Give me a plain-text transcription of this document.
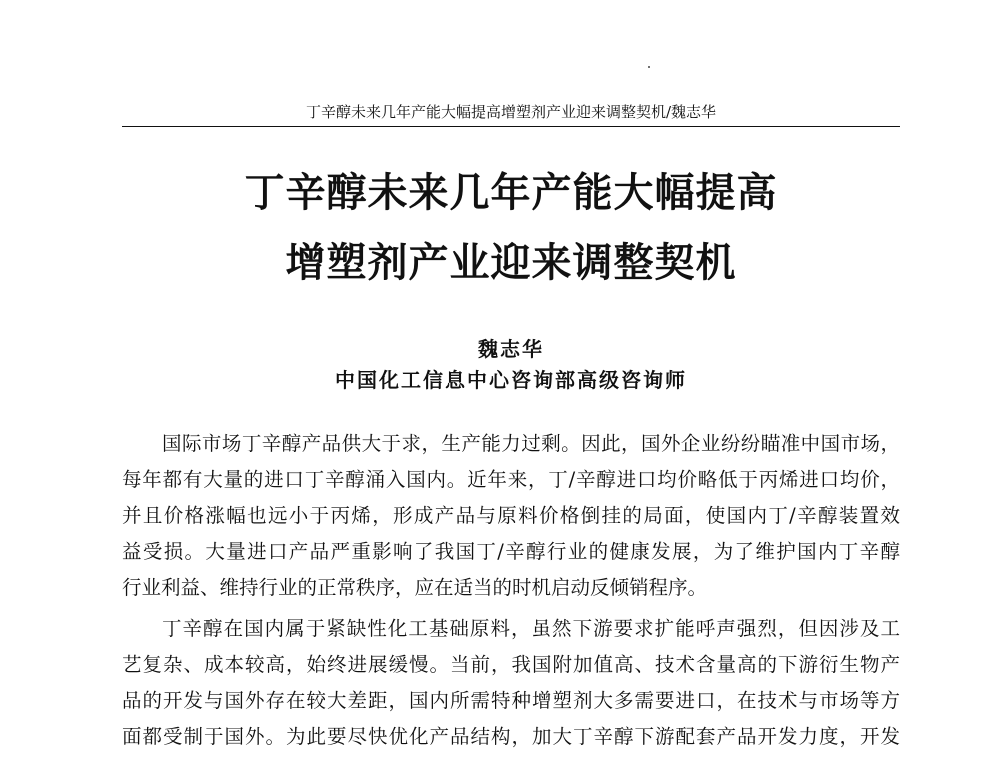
丁辛醇未来几年产能大幅提高增塑剂产业迎来调整契机/魏志华
丁辛醇未来几年产能大幅提高
增塑剂产业迎来调整契机
魏志华
中国化工信息中心咨询部高级咨询师
国际市场丁辛醇产品供大于求，生产能力过剩。因此，国外企业纷纷瞄准中国市场，
每年都有大量的进口丁辛醇涌入国内。近年来，丁/辛醇进口均价略低于丙烯进口均价，
并且价格涨幅也远小于丙烯，形成产品与原料价格倒挂的局面，使国内丁/辛醇装置效
益受损。大量进口产品严重影响了我国丁/辛醇行业的健康发展，为了维护国内丁辛醇
行业利益、维持行业的正常秩序，应在适当的时机启动反倾销程序。
丁辛醇在国内属于紧缺性化工基础原料，虽然下游要求扩能呼声强烈，但因涉及工
艺复杂、成本较高，始终进展缓慢。当前，我国附加值高、技术含量高的下游衍生物产
品的开发与国外存在较大差距，国内所需特种增塑剂大多需要进口，在技术与市场等方
面都受制于国外。为此要尽快优化产品结构，加大丁辛醇下游配套产品开发力度，开发
